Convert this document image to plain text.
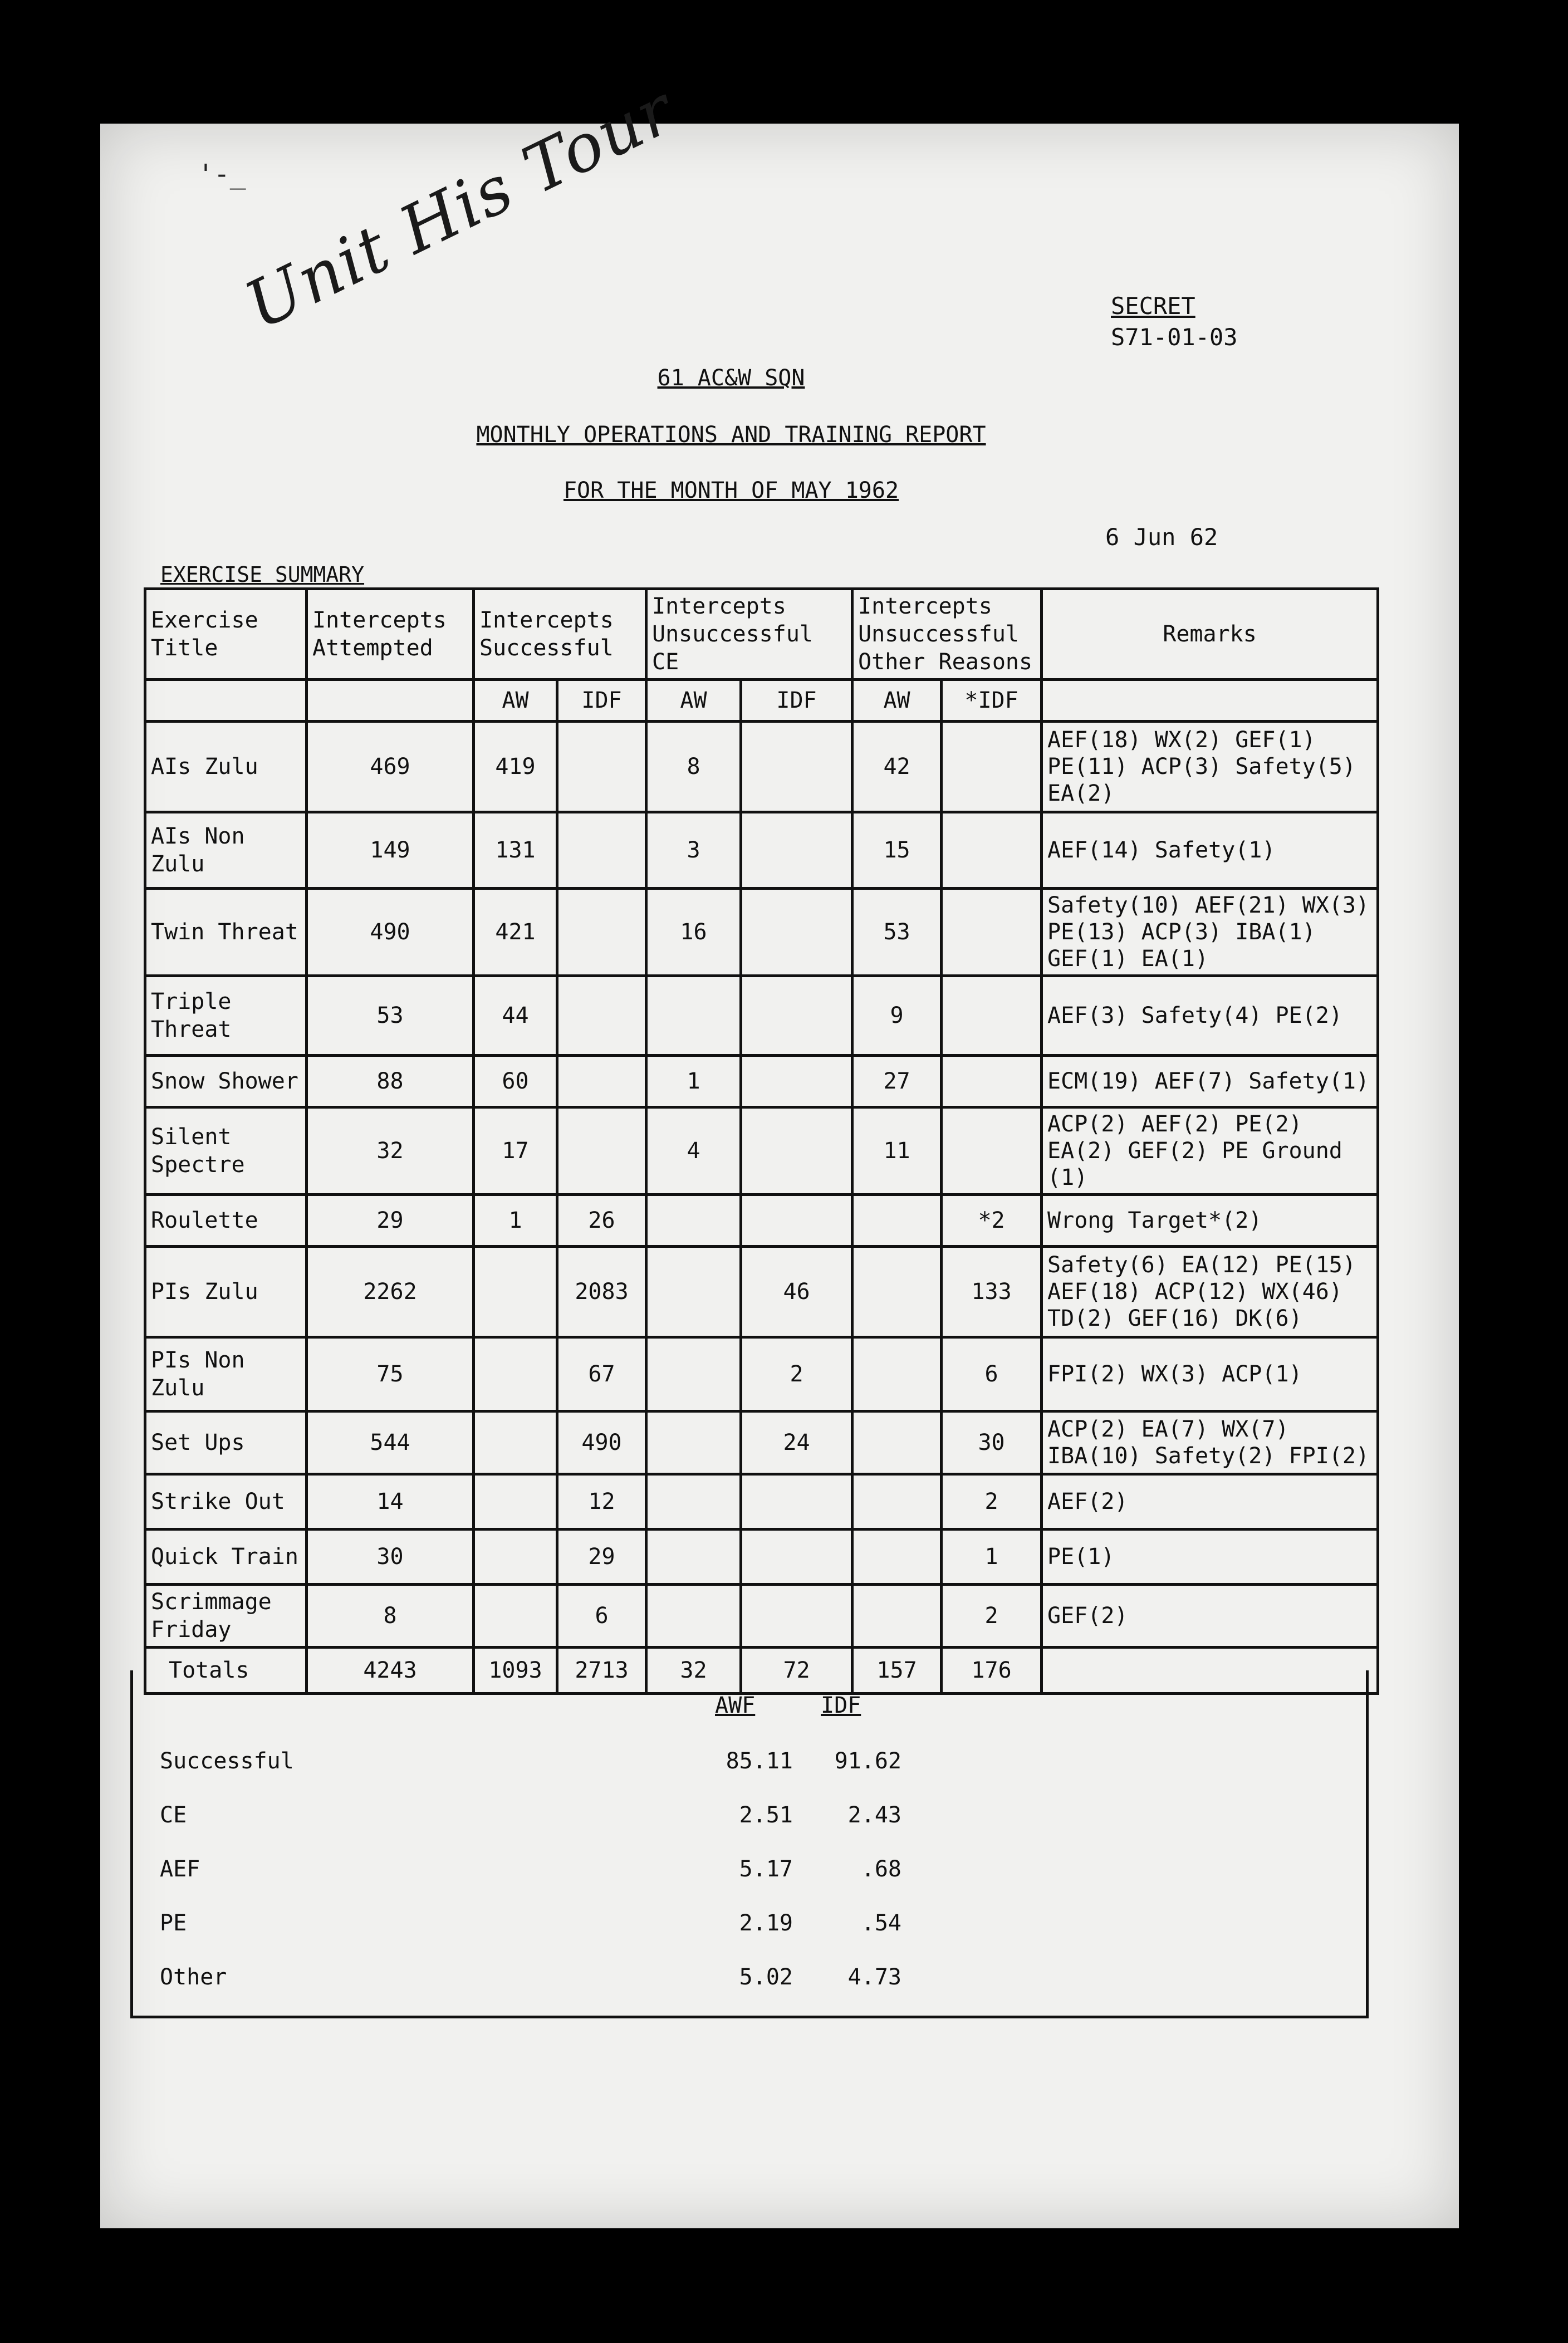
'-_
Unit His Tour	SECRET
S71-01-03
61 AC&W SQN
MONTHLY OPERATIONS AND TRAINING REPORT
FOR THE MONTH OF MAY 1962
6 Jun 62
EXERCISE SUMMARY
Exercise Title	Intercepts Attempted	Intercepts Successful		Intercepts Unsuccessful CE		Intercepts Unsuccessful Other Reasons		Remarks
		AW	IDF	AW	IDF	AW	*IDF	
AIs Zulu	469	419		8		42		AEF(18) WX(2) GEF(1) PE(11) ACP(3) Safety(5) EA(2)
AIs Non Zulu	149	131		3		15		AEF(14) Safety(1)
Twin Threat	490	421		16		53		Safety(10) AEF(21) WX(3) PE(13) ACP(3) IBA(1) GEF(1) EA(1)
Triple Threat	53	44				9		AEF(3) Safety(4) PE(2)
Snow Shower	88	60		1		27		ECM(19) AEF(7) Safety(1)
Silent Spectre	32	17		4		11		ACP(2) AEF(2) PE(2) EA(2) GEF(2) PE Ground (1)
Roulette	29	1	26				*2	Wrong Target*(2)
PIs Zulu	2262		2083		46		133	Safety(6) EA(12) PE(15) AEF(18) ACP(12) WX(46) TD(2) GEF(16) DK(6)
PIs Non Zulu	75		67		2		6	FPI(2) WX(3) ACP(1)
Set Ups	544		490		24		30	ACP(2) EA(7) WX(7) IBA(10) Safety(2) FPI(2)
Strike Out	14		12				2	AEF(2)
Quick Train	30		29				1	PE(1)
Scrimmage Friday	8		6				2	GEF(2)
Totals	4243	1093	2713	32	72	157	176	
AWF	IDF
Successful	85.11	91.62
CE	2.51	2.43
AEF	5.17	.68
PE	2.19	.54
Other	5.02	4.73
